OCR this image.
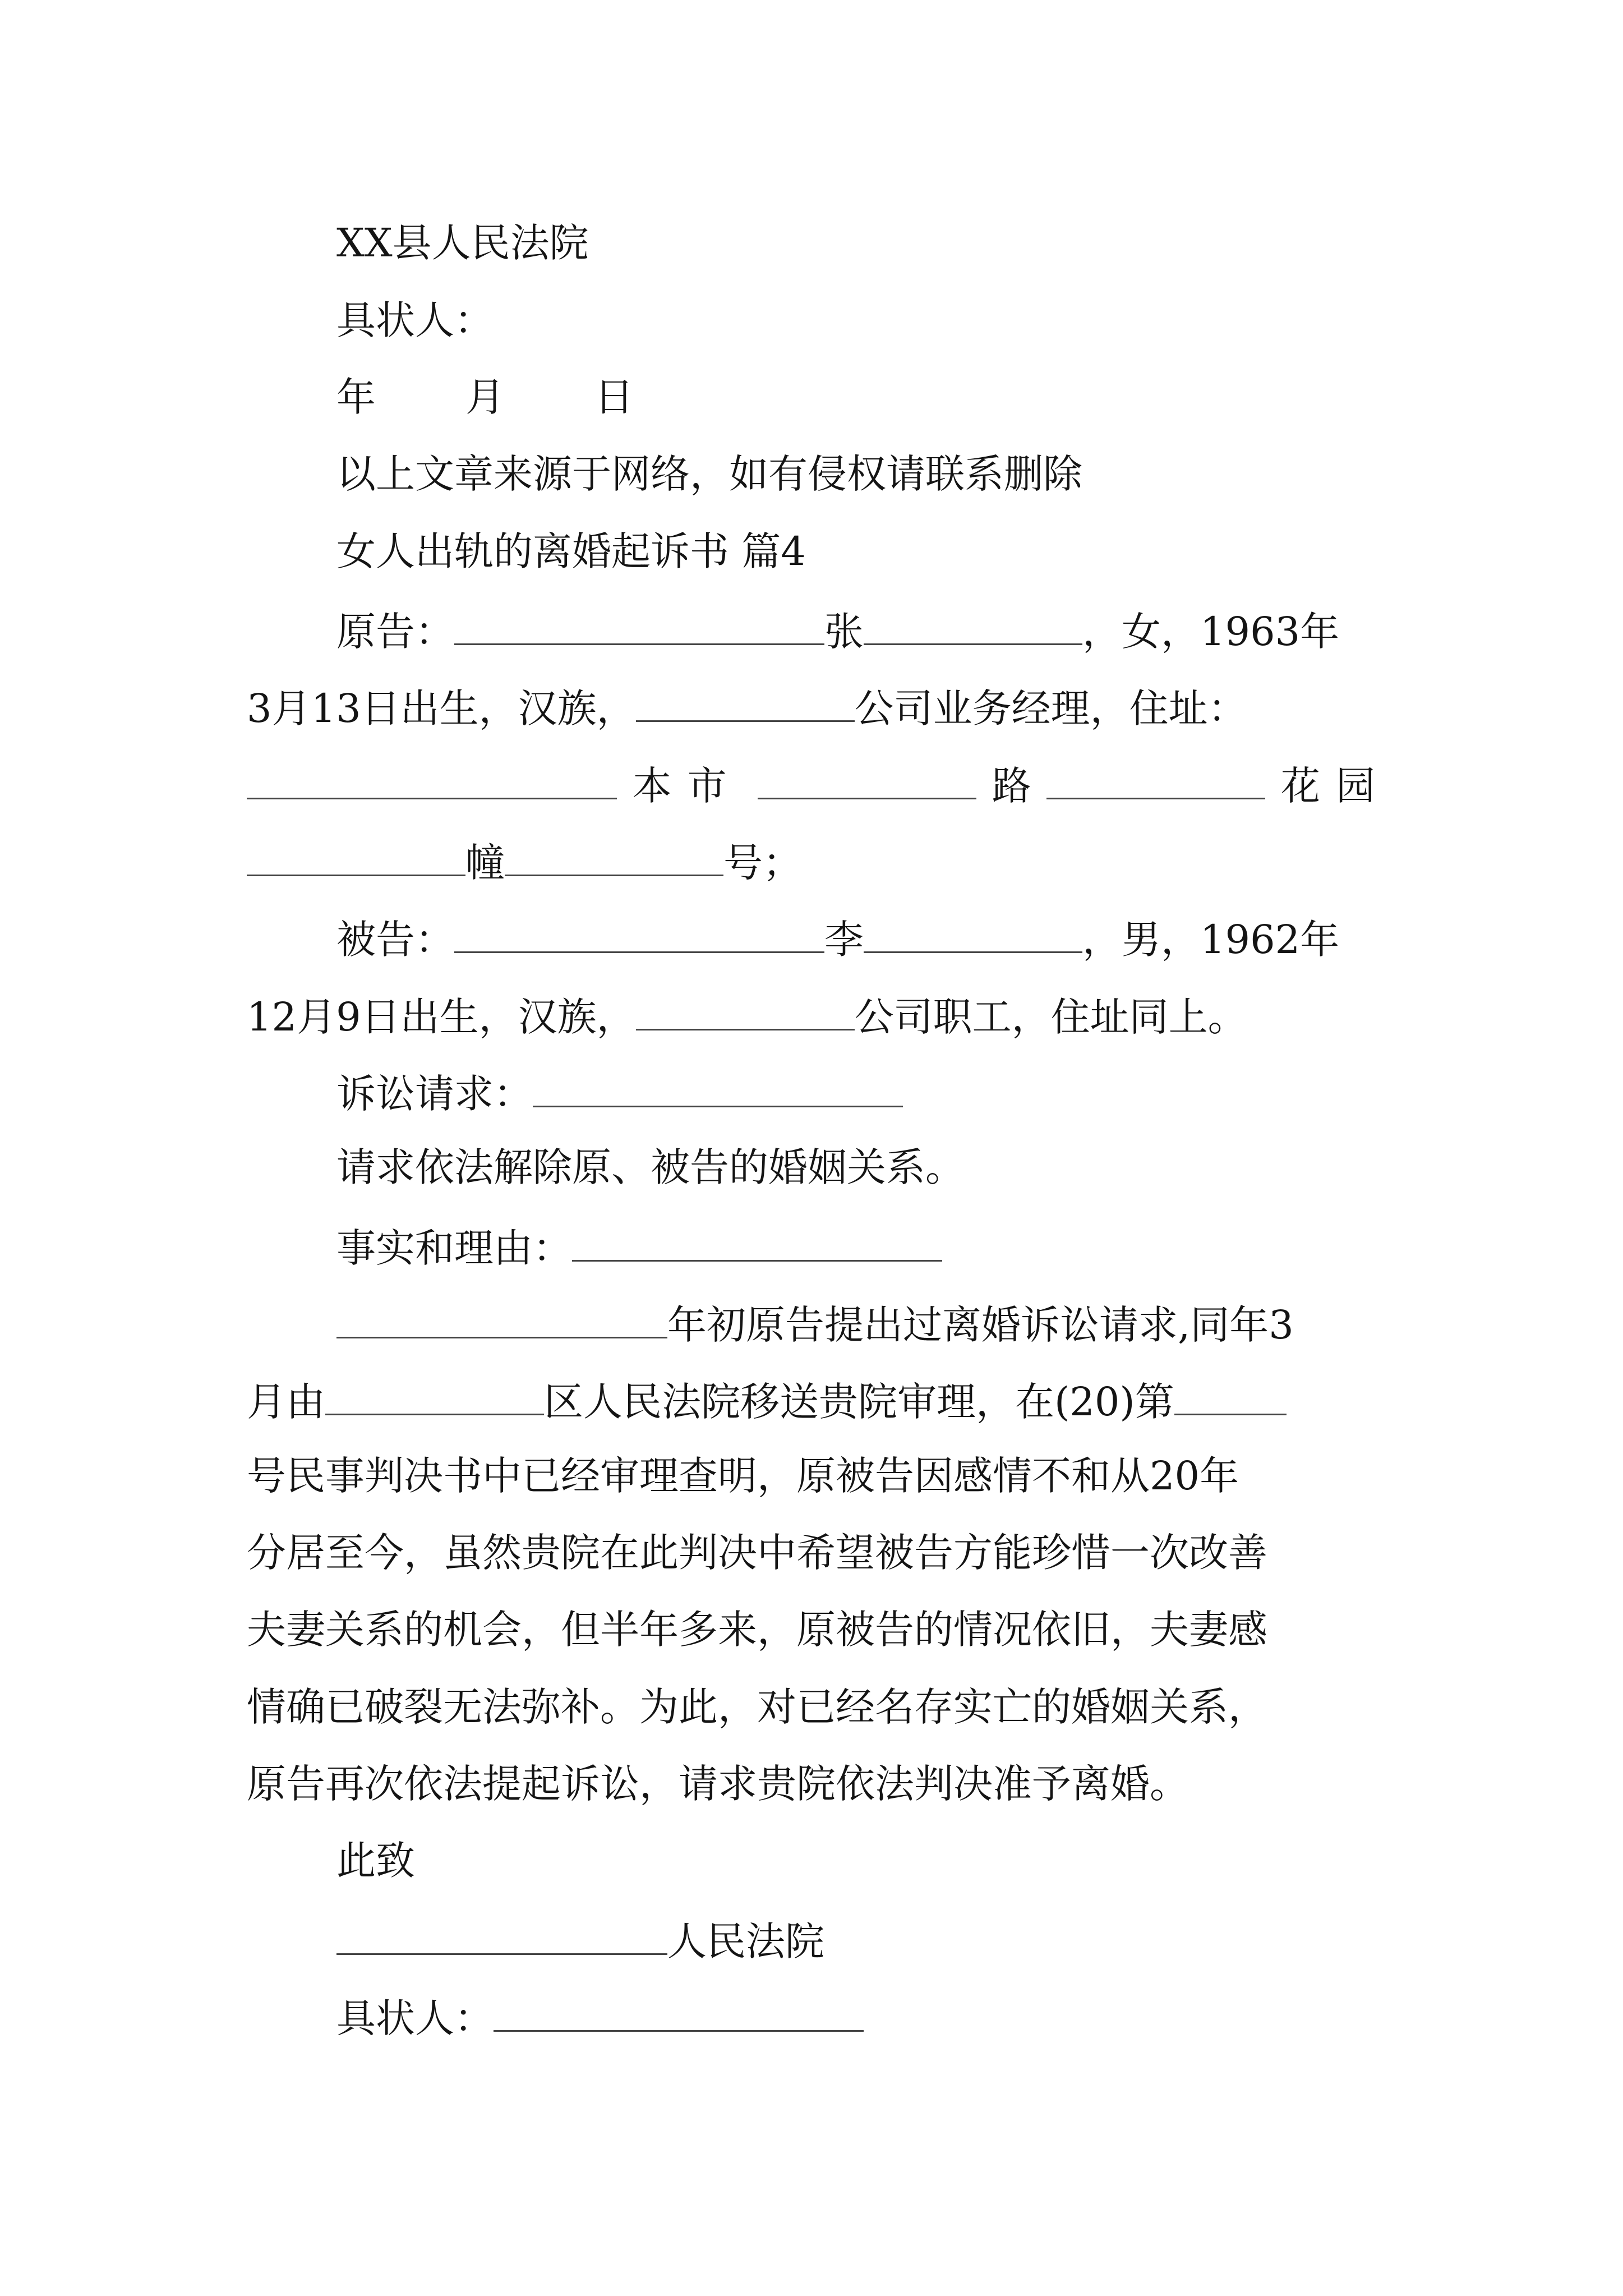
XX县人民法院
具状人：
年 月 日
以上文章来源于网络，如有侵权请联系删除
女人出轨的离婚起诉书 篇4
原告：	张	，女，1963年
3月13日出生，汉族，	公司业务经理，住址：
本市	路	花园
幢	号；
被告：	李	，男，1962年
12月9日出生，汉族，	公司职工，住址同上。
诉讼请求：
请求依法解除原、被告的婚姻关系。
事实和理由：
年初原告提出过离婚诉讼请求,同年3
月由	区人民法院移送贵院审理，在(20)第
号民事判决书中已经审理查明，原被告因感情不和从20年
分居至今，虽然贵院在此判决中希望被告方能珍惜一次改善
夫妻关系的机会，但半年多来，原被告的情况依旧，夫妻感
情确已破裂无法弥补。为此，对已经名存实亡的婚姻关系，
原告再次依法提起诉讼，请求贵院依法判决准予离婚。
此致
人民法院
具状人：
